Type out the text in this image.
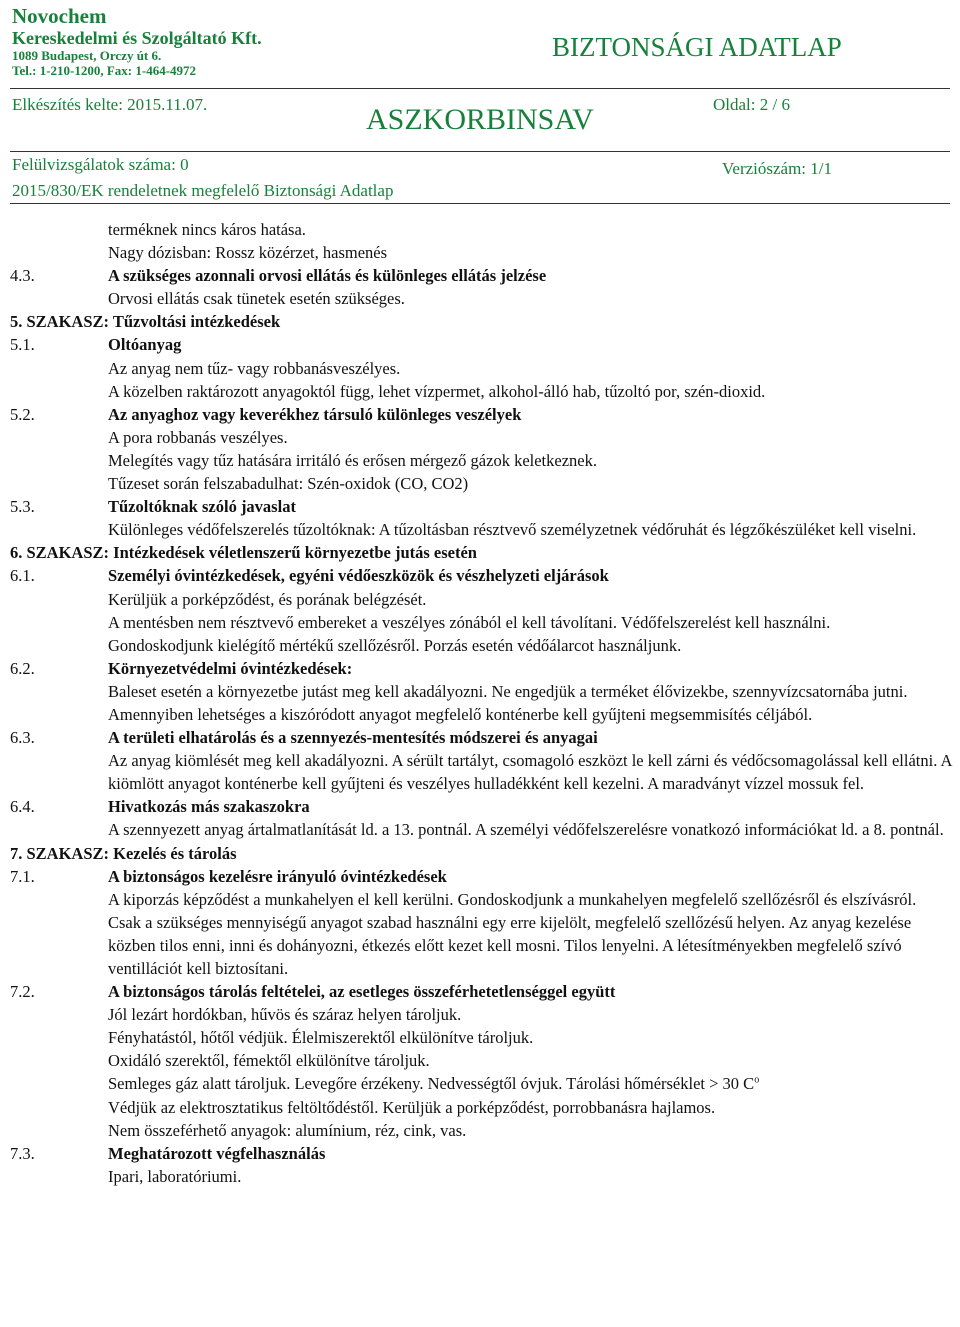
Novochem
Kereskedelmi és Szolgáltató Kft.
1089 Budapest, Orczy út 6.
Tel.: 1-210-1200, Fax: 1-464-4972
BIZTONSÁGI ADATLAP
Elkészítés kelte: 2015.11.07.	ASZKORBINSAV	Oldal: 2 / 6
Felülvizsgálatok száma: 0	Verziószám: 1/1
2015/830/EK rendeletnek megfelelő Biztonsági Adatlap
terméknek nincs káros hatása.
Nagy dózisban: Rossz közérzet, hasmenés
4.3.	A szükséges azonnali orvosi ellátás és különleges ellátás jelzése
Orvosi ellátás csak tünetek esetén szükséges.
5. SZAKASZ: Tűzvoltási intézkedések
5.1.	Oltóanyag
Az anyag nem tűz- vagy robbanásveszélyes.
A közelben raktározott anyagoktól függ, lehet vízpermet, alkohol-álló hab, tűzoltó por, szén-dioxid.
5.2.	Az anyaghoz vagy keverékhez társuló különleges veszélyek
A pora robbanás veszélyes.
Melegítés vagy tűz hatására irritáló és erősen mérgező gázok keletkeznek.
Tűzeset során felszabadulhat: Szén-oxidok (CO, CO2)
5.3.	Tűzoltóknak szóló javaslat
Különleges védőfelszerelés tűzoltóknak: A tűzoltásban résztvevő személyzetnek védőruhát és légzőkészüléket kell viselni.
6. SZAKASZ: Intézkedések véletlenszerű környezetbe jutás esetén
6.1.	Személyi óvintézkedések, egyéni védőeszközök és vészhelyzeti eljárások
Kerüljük a porképződést, és porának belégzését.
A mentésben nem résztvevő embereket a veszélyes zónából el kell távolítani. Védőfelszerelést kell használni.
Gondoskodjunk kielégítő mértékű szellőzésről. Porzás esetén védőálarcot használjunk.
6.2.	Környezetvédelmi óvintézkedések:
Baleset esetén a környezetbe jutást meg kell akadályozni. Ne engedjük a terméket élővizekbe, szennyvízcsatornába jutni. Amennyiben lehetséges a kiszóródott anyagot megfelelő konténerbe kell gyűjteni megsemmisítés céljából.
6.3.	A területi elhatárolás és a szennyezés-mentesítés módszerei és anyagai
Az anyag kiömlését meg kell akadályozni. A sérült tartályt, csomagoló eszközt le kell zárni és védőcsomagolással kell ellátni. A kiömlött anyagot konténerbe kell gyűjteni és veszélyes hulladékként kell kezelni. A maradványt vízzel mossuk fel.
6.4.	Hivatkozás más szakaszokra
A szennyezett anyag ártalmatlanítását ld. a 13. pontnál. A személyi védőfelszerelésre vonatkozó információkat ld. a 8. pontnál.
7. SZAKASZ: Kezelés és tárolás
7.1.	A biztonságos kezelésre irányuló óvintézkedések
A kiporzás képződést a munkahelyen el kell kerülni. Gondoskodjunk a munkahelyen megfelelő szellőzésről és elszívásról.
Csak a szükséges mennyiségű anyagot szabad használni egy erre kijelölt, megfelelő szellőzésű helyen. Az anyag kezelése közben tilos enni, inni és dohányozni, étkezés előtt kezet kell mosni. Tilos lenyelni. A létesítményekben megfelelő szívó ventillációt kell biztosítani.
7.2.	A biztonságos tárolás feltételei, az esetleges összeférhetetlenséggel együtt
Jól lezárt hordókban, hűvös és száraz helyen tároljuk.
Fényhatástól, hőtől védjük. Élelmiszerektől elkülönítve tároljuk.
Oxidáló szerektől, fémektől elkülönítve tároljuk.
Semleges gáz alatt tároljuk. Levegőre érzékeny. Nedvességtől óvjuk. Tárolási hőmérséklet > 30 $C^o$
Védjük az elektrosztatikus feltöltődéstől. Kerüljük a porképződést, porrobbanásra hajlamos.
Nem összeférhető anyagok: alumínium, réz, cink, vas.
7.3.	Meghatározott végfelhasználás
Ipari, laboratóriumi.
